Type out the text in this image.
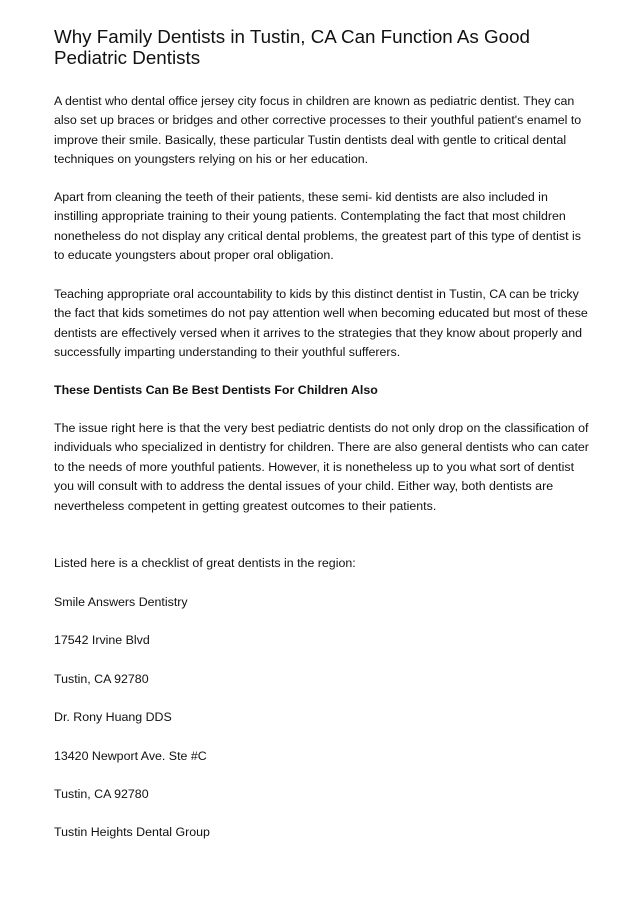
Why Family Dentists in Tustin, CA Can Function As Good Pediatric Dentists

A dentist who dental office jersey city focus in children are known as pediatric dentist. They can also set up braces or bridges and other corrective processes to their youthful patient's enamel to improve their smile. Basically, these particular Tustin dentists deal with gentle to critical dental techniques on youngsters relying on his or her education.

Apart from cleaning the teeth of their patients, these semi- kid dentists are also included in instilling appropriate training to their young patients. Contemplating the fact that most children nonetheless do not display any critical dental problems, the greatest part of this type of dentist is to educate youngsters about proper oral obligation.

Teaching appropriate oral accountability to kids by this distinct dentist in Tustin, CA can be tricky the fact that kids sometimes do not pay attention well when becoming educated but most of these dentists are effectively versed when it arrives to the strategies that they know about properly and successfully imparting understanding to their youthful sufferers.

These Dentists Can Be Best Dentists For Children Also

The issue right here is that the very best pediatric dentists do not only drop on the classification of individuals who specialized in dentistry for children. There are also general dentists who can cater to the needs of more youthful patients. However, it is nonetheless up to you what sort of dentist you will consult with to address the dental issues of your child. Either way, both dentists are nevertheless competent in getting greatest outcomes to their patients.

Listed here is a checklist of great dentists in the region:

Smile Answers Dentistry

17542 Irvine Blvd

Tustin, CA 92780

Dr. Rony Huang DDS

13420 Newport Ave. Ste #C

Tustin, CA 92780

Tustin Heights Dental Group
